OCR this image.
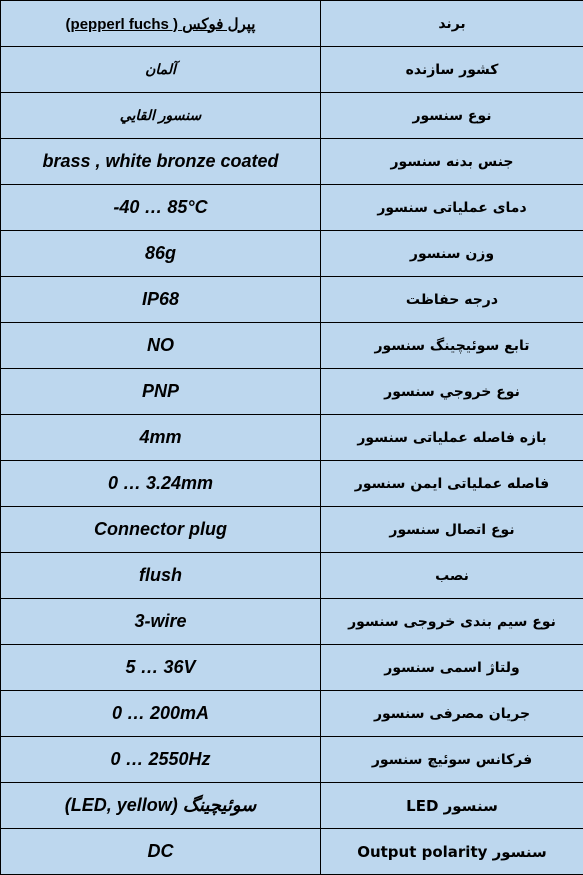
(pepperl fuchs ) پپرل فوکس	برند
آلمان	کشور سازنده
سنسور القايي	نوع سنسور
brass , white bronze coated	جنس بدنه سنسور
-40 … 85°C	دمای عملیاتی سنسور
86g	وزن سنسور
IP68	درجه حفاظت
NO	تابع سوئیچینگ سنسور
PNP	نوع خروجي سنسور
4mm	بازه فاصله عملیاتی سنسور
0 … 3.24mm	فاصله عملیاتی ایمن سنسور
Connector plug	نوع اتصال سنسور
flush	نصب
3-wire	نوع سیم بندی خروجی سنسور
5 … 36V	ولتاژ اسمی سنسور
0 … 200mA	جریان مصرفی سنسور
0 … 2550Hz	فرکانس سوئیچ سنسور
(LED, yellow) سوئیچینگ	سنسور LED
DC	سنسور Output polarity
